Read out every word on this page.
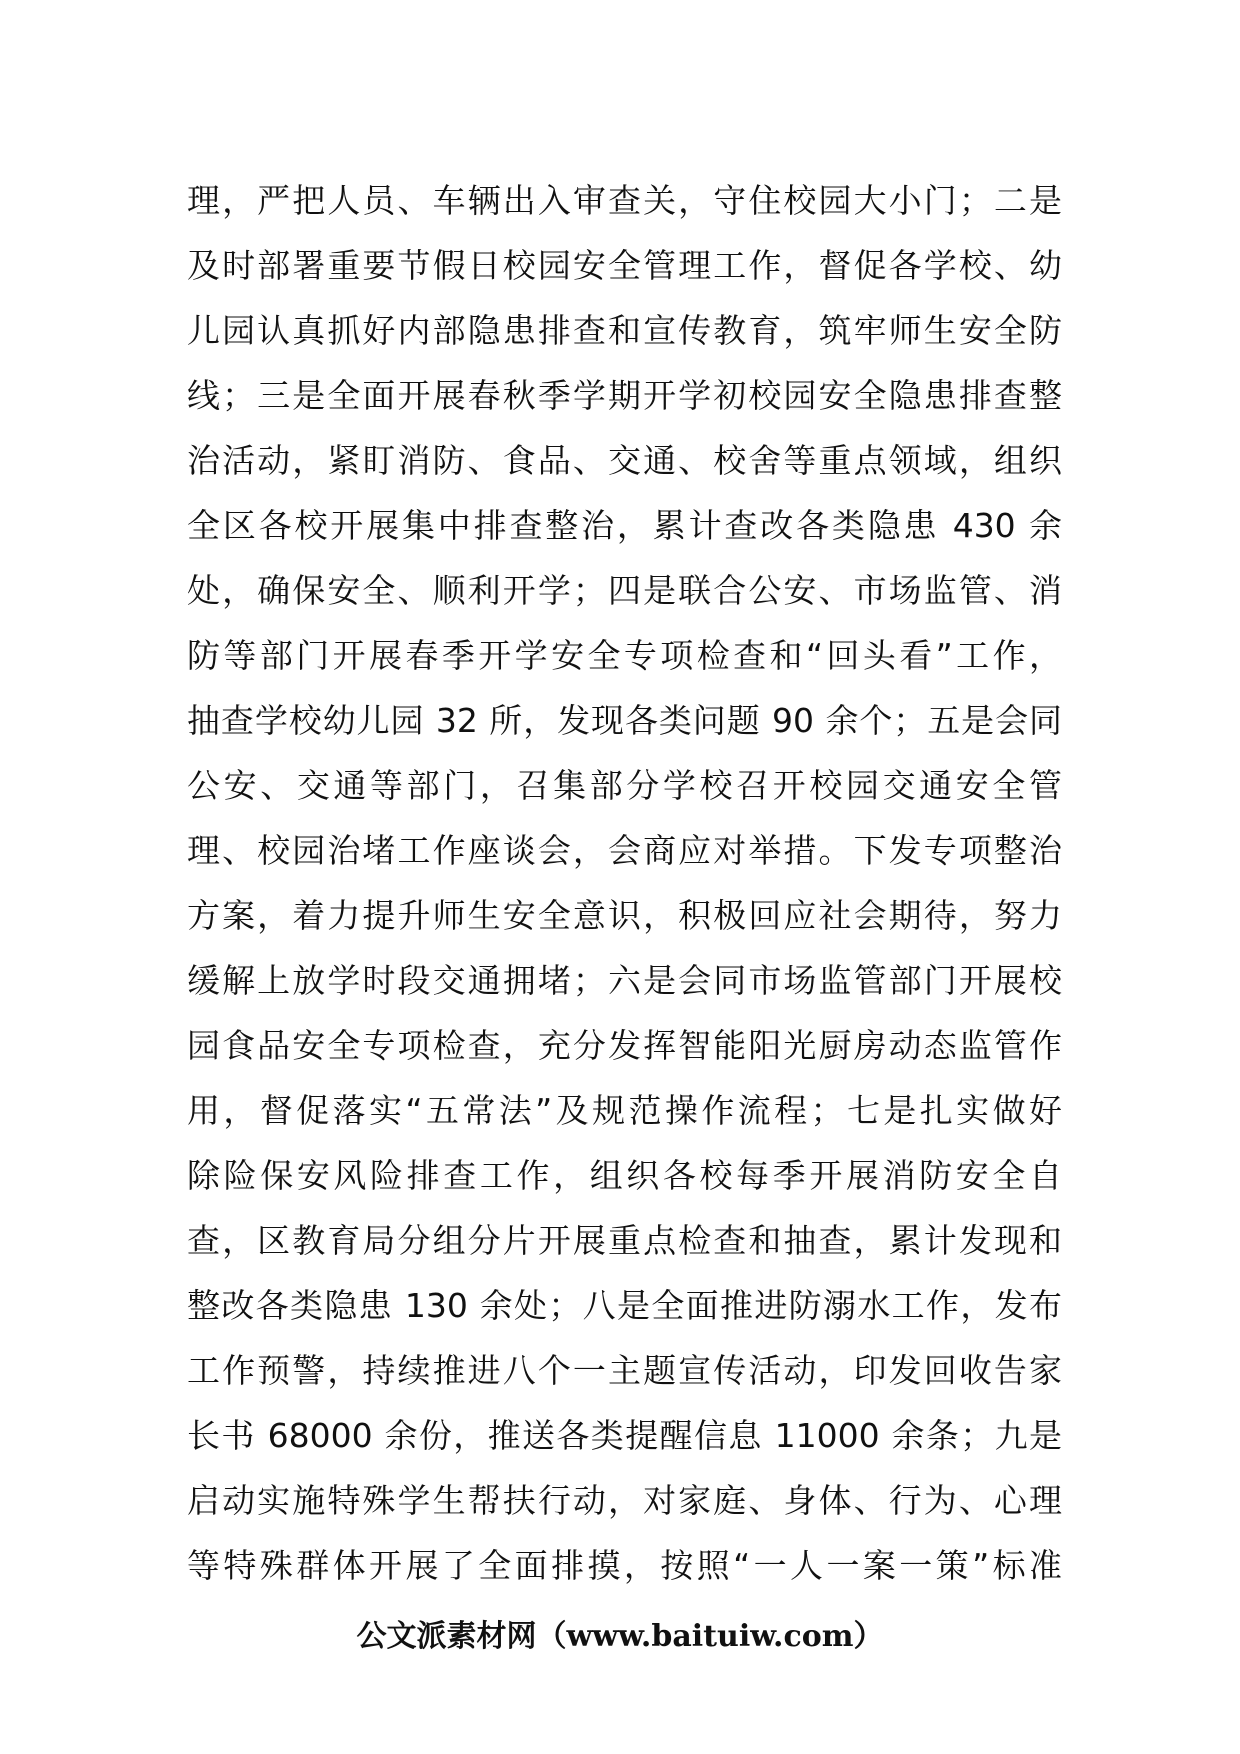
理，严把人员、车辆出入审查关，守住校园大小门；二是
及时部署重要节假日校园安全管理工作，督促各学校、幼
儿园认真抓好内部隐患排查和宣传教育，筑牢师生安全防
线；三是全面开展春秋季学期开学初校园安全隐患排查整
治活动，紧盯消防、食品、交通、校舍等重点领域，组织
全区各校开展集中排查整治，累计查改各类隐患 430 余
处，确保安全、顺利开学；四是联合公安、市场监管、消
防等部门开展春季开学安全专项检查和“回头看”工作，
抽查学校幼儿园 32 所，发现各类问题 90 余个；五是会同
公安、交通等部门，召集部分学校召开校园交通安全管
理、校园治堵工作座谈会，会商应对举措。下发专项整治
方案，着力提升师生安全意识，积极回应社会期待，努力
缓解上放学时段交通拥堵；六是会同市场监管部门开展校
园食品安全专项检查，充分发挥智能阳光厨房动态监管作
用，督促落实“五常法”及规范操作流程；七是扎实做好
除险保安风险排查工作，组织各校每季开展消防安全自
查，区教育局分组分片开展重点检查和抽查，累计发现和
整改各类隐患 130 余处；八是全面推进防溺水工作，发布
工作预警，持续推进八个一主题宣传活动，印发回收告家
长书 68000 余份，推送各类提醒信息 11000 余条；九是
启动实施特殊学生帮扶行动，对家庭、身体、行为、心理
等特殊群体开展了全面排摸，按照“一人一案一策”标准
公文派素材网（www.baituiw.com）
